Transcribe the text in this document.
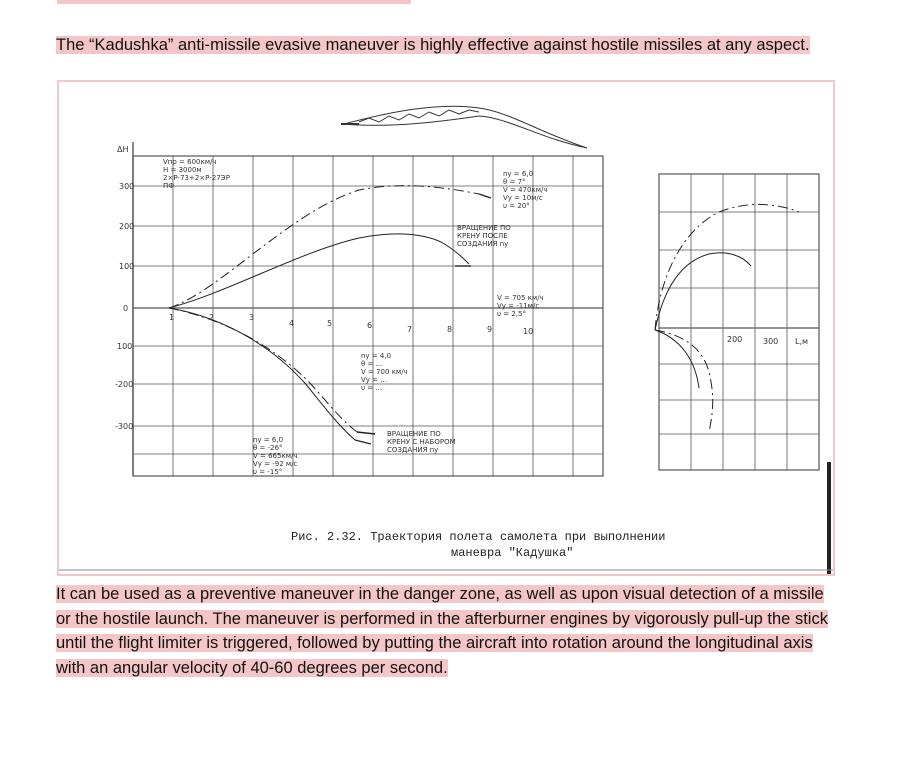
The “Kadushka” anti-missile evasive maneuver is highly effective against hostile missiles at any aspect.
ΔН
300
200
100
0
100
-200
-300
1	2	3
4	5	6	7	8	9	10
200	300 L,м
Vпр = 600км/ч
H = 3000м
2×Р-73+2×Р-27ЭР
ПФ
nу = 6,0
θ = 7°
V = 470км/ч
Vу = 10м/с
υ = 20°
ВРАЩЕНИЕ ПО
КРЕНУ ПОСЛЕ
СОЗДАНИЯ nу
V = 705 км/ч
Vу = -11м/с
υ = 2,5°
nу = 4,0
θ = ...
V = 700 км/ч
Vу = ...
υ = ...
ВРАЩЕНИЕ ПО
КРЕНУ С НАБОРОМ
СОЗДАНИЯ nу
nу = 6,0
θ = -26°
V = 665км/ч
Vу = -92 м/с
υ = -15°
Рис. 2.32. Траектория полета самолета при выполнении
маневра "Кадушка"
It can be used as a preventive maneuver in the danger zone, as well as upon visual detection of a missile or the hostile launch. The maneuver is performed in the afterburner engines by vigorously pull-up the stick until the flight limiter is triggered, followed by putting the aircraft into rotation around the longitudinal axis with an angular velocity of 40-60 degrees per second.
